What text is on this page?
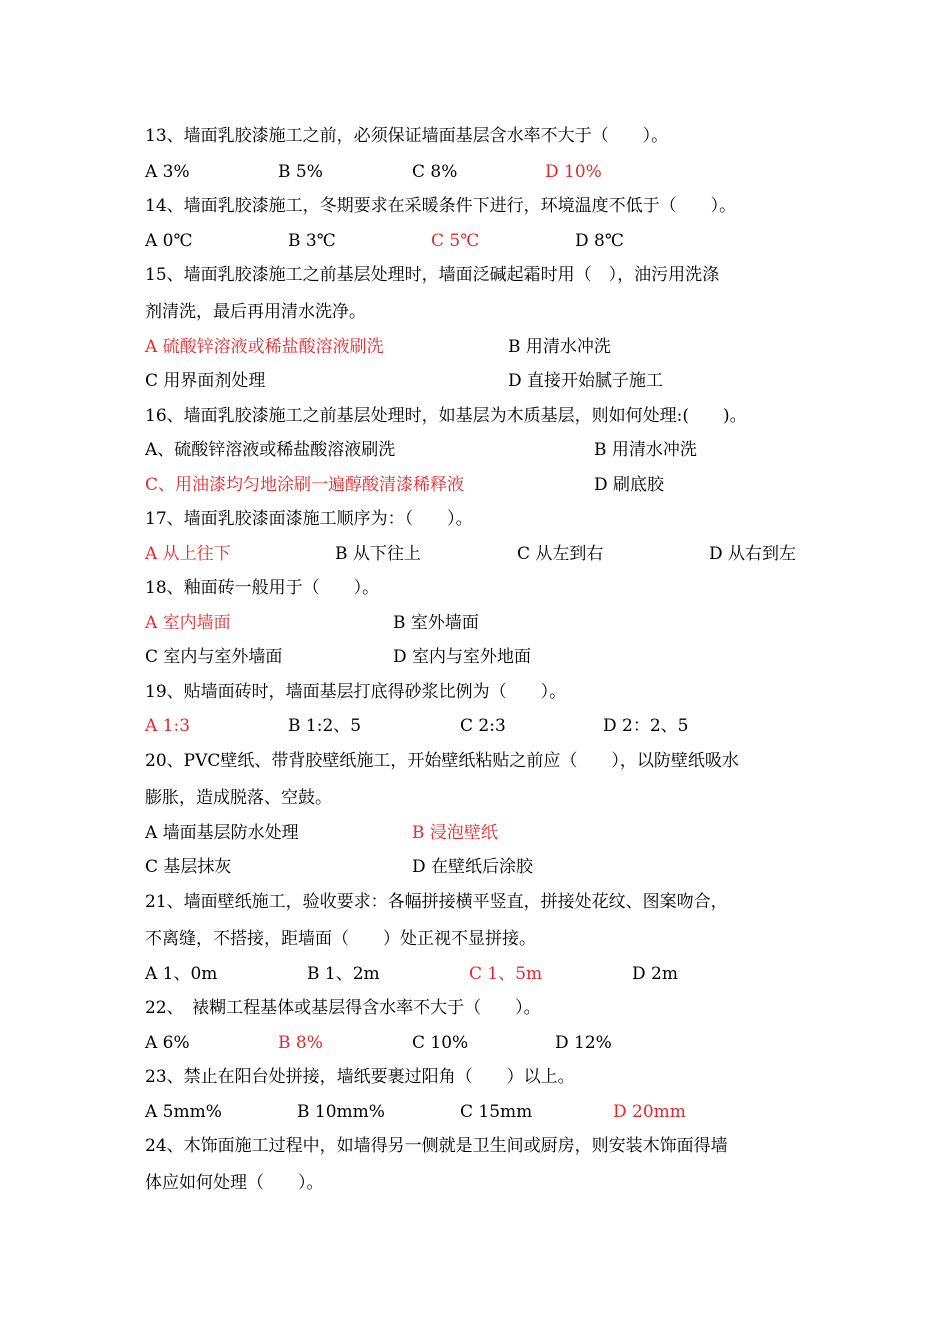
13、墙面乳胶漆施工之前，必须保证墙面基层含水率不大于（　　）。
A 3%	B 5%	C 8%	D 10%
14、墙面乳胶漆施工，冬期要求在采暖条件下进行，环境温度不低于（　　）。
A 0℃	B 3℃	C 5℃	D 8℃
15、墙面乳胶漆施工之前基层处理时，墙面泛碱起霜时用（　），油污用洗涤
剂清洗，最后再用清水洗净。
A 硫酸锌溶液或稀盐酸溶液刷洗	B 用清水冲洗
C 用界面剂处理	D 直接开始腻子施工
16、墙面乳胶漆施工之前基层处理时，如基层为木质基层，则如何处理:(　　)。
A、硫酸锌溶液或稀盐酸溶液刷洗	B 用清水冲洗
C、用油漆均匀地涂刷一遍醇酸清漆稀释液	D 刷底胶
17、墙面乳胶漆面漆施工顺序为：（　　）。
A 从上往下	B 从下往上	C 从左到右	D 从右到左
18、釉面砖一般用于（　　）。
A 室内墙面	B 室外墙面
C 室内与室外墙面	D 室内与室外地面
19、贴墙面砖时，墙面基层打底得砂浆比例为（　　）。
A 1:3	B 1:2、5	C 2:3	D 2：2、5
20、PVC壁纸、带背胶壁纸施工，开始壁纸粘贴之前应（　　），以防壁纸吸水
膨胀，造成脱落、空鼓。
A 墙面基层防水处理	B 浸泡壁纸
C 基层抹灰	D 在壁纸后涂胶
21、墙面壁纸施工，验收要求：各幅拼接横平竖直，拼接处花纹、图案吻合，
不离缝，不搭接，距墙面（　　）处正视不显拼接。
A 1、0m	B 1、2m	C 1、5m	D 2m
22、　裱糊工程基体或基层得含水率不大于（　　）。
A 6%	B 8%	C 10%	D 12%
23、禁止在阳台处拼接，墙纸要裹过阳角（　　）以上。
A 5mm%	B 10mm%	C 15mm	D 20mm
24、木饰面施工过程中，如墙得另一侧就是卫生间或厨房，则安装木饰面得墙
体应如何处理（　　）。
